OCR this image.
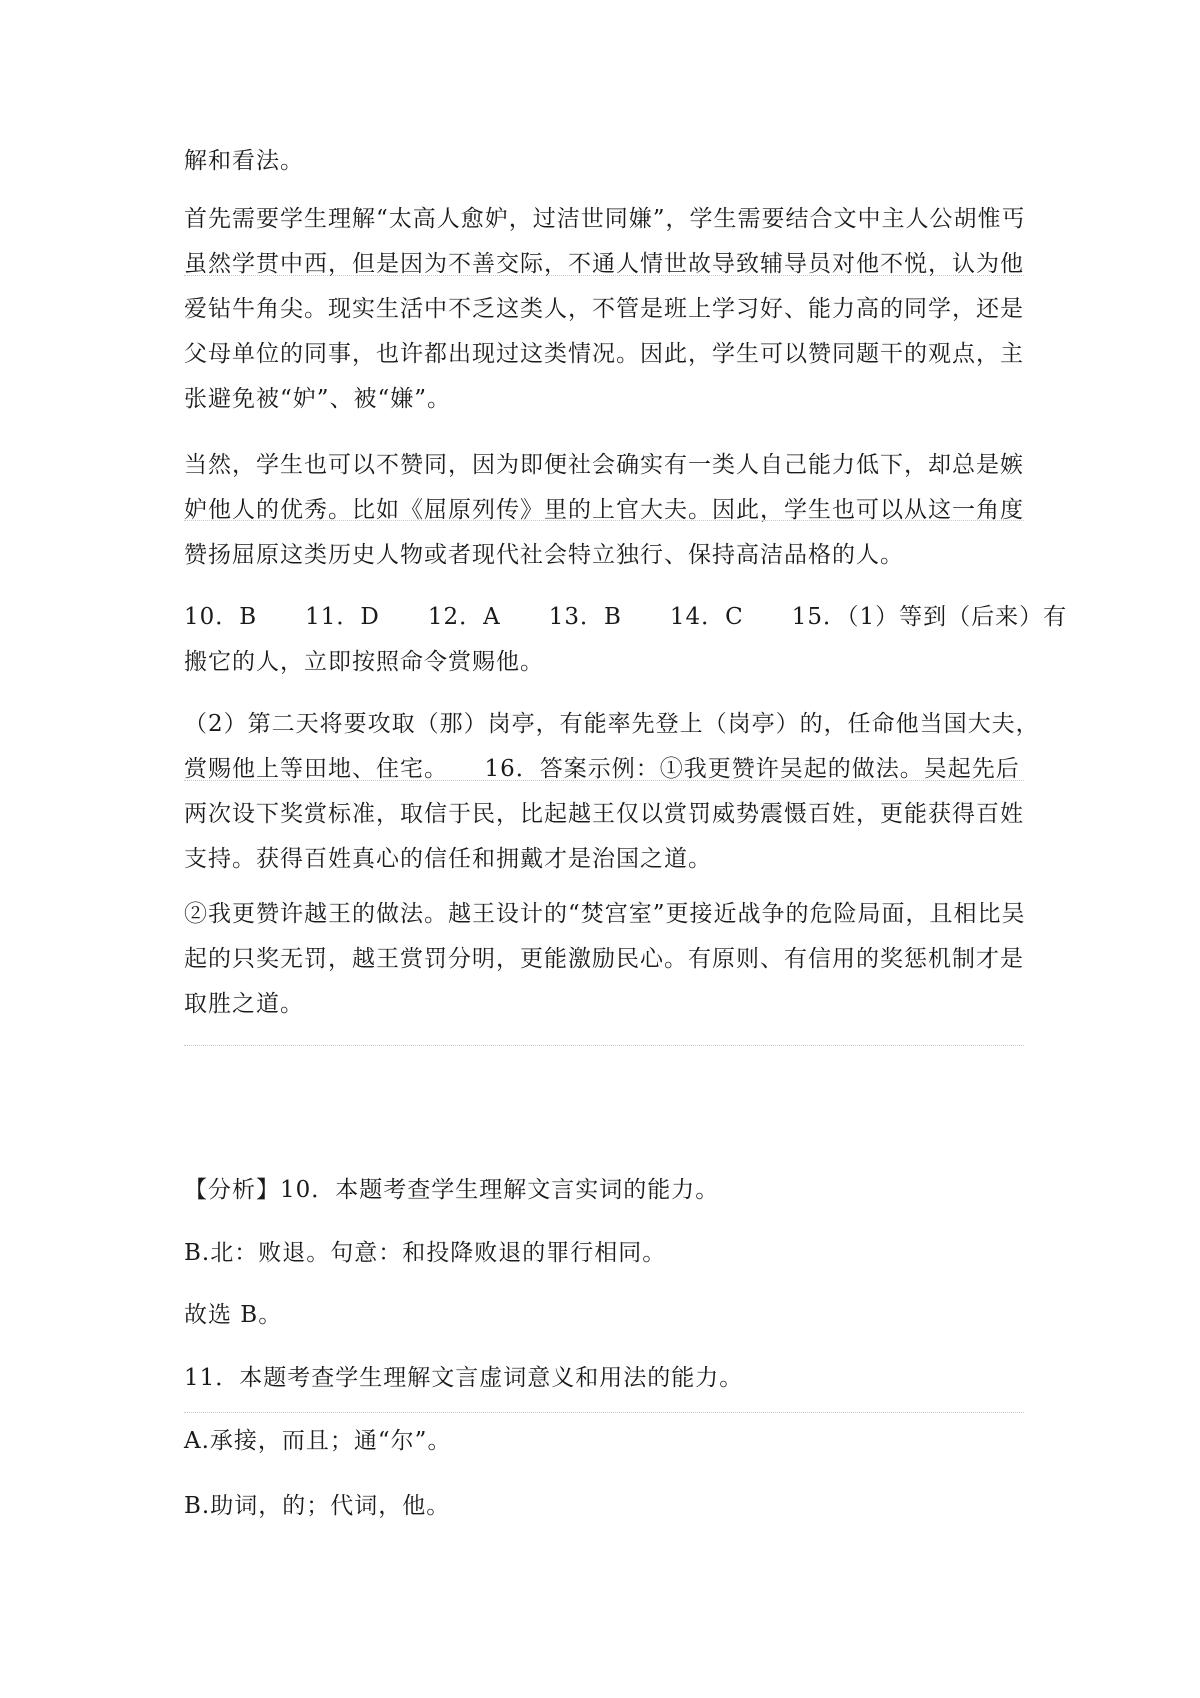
解和看法。
首先需要学生理解“太高人愈妒，过洁世同嫌”，学生需要结合文中主人公胡惟丐
虽然学贯中西，但是因为不善交际，不通人情世故导致辅导员对他不悦，认为他
爱钻牛角尖。现实生活中不乏这类人，不管是班上学习好、能力高的同学，还是
父母单位的同事，也许都出现过这类情况。因此，学生可以赞同题干的观点，主
张避免被“妒”、被“嫌”。
当然，学生也可以不赞同，因为即便社会确实有一类人自己能力低下，却总是嫉
妒他人的优秀。比如《屈原列传》里的上官大夫。因此，学生也可以从这一角度
赞扬屈原这类历史人物或者现代社会特立独行、保持高洁品格的人。
10．B　　11．D　　12．A　　13．B　　14．C　　15．（1）等到（后来）有
搬它的人，立即按照命令赏赐他。
（2）第二天将要攻取（那）岗亭，有能率先登上（岗亭）的，任命他当国大夫，
赏赐他上等田地、住宅。　　16．答案示例：①我更赞许吴起的做法。吴起先后
两次设下奖赏标准，取信于民，比起越王仅以赏罚威势震慑百姓，更能获得百姓
支持。获得百姓真心的信任和拥戴才是治国之道。
②我更赞许越王的做法。越王设计的“焚宫室”更接近战争的危险局面，且相比吴
起的只奖无罚，越王赏罚分明，更能激励民心。有原则、有信用的奖惩机制才是
取胜之道。
【分析】10．本题考查学生理解文言实词的能力。
B.北：败退。句意：和投降败退的罪行相同。
故选 B。
11．本题考查学生理解文言虚词意义和用法的能力。
A.承接，而且；通“尔”。
B.助词，的；代词，他。
